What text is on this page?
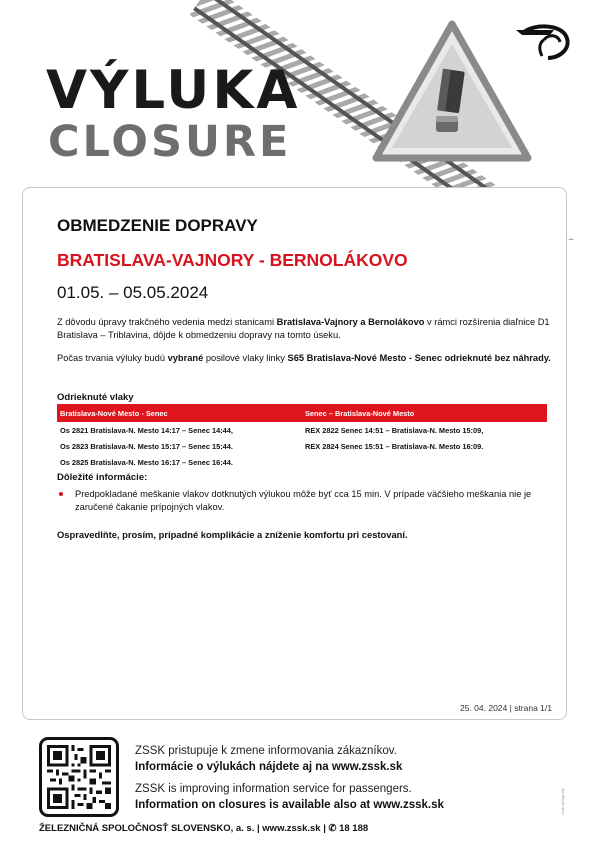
VÝLUKA
CLOSURE
OBMEDZENIE DOPRAVY
BRATISLAVA-VAJNORY - BERNOLÁKOVO

01.05. – 05.05.2024

Z dôvodu úpravy trakčného vedenia medzi stanicami Bratislava-Vajnory a Bernolákovo v rámci rozšírenia diaľnice D1 Bratislava – Triblavina, dôjde k obmedzeniu dopravy na tomto úseku.

Počas trvania výluky budú vybrané posilové vlaky linky S65 Bratislava-Nové Mesto - Senec odrieknuté bez náhrady.

Odrieknuté vlaky

Bratislava-Nové Mesto - Senec	Senec – Bratislava-Nové Mesto
Os 2821 Bratislava-N. Mesto 14:17 – Senec 14:44,	REX 2822 Senec 14:51 – Bratislava-N. Mesto 15:09,
Os 2823 Bratislava-N. Mesto 15:17 – Senec 15:44.	REX 2824 Senec 15:51 – Bratislava-N. Mesto 16:09.
Os 2825 Bratislava-N. Mesto 16:17 – Senec 16:44.	

Dôležité informácie:

Predpokladané meškanie vlakov dotknutých výlukou môže byť cca 15 min. V prípade väčšieho meškania nie je zaručené čakanie prípojných vlakov.

Ospravedlňte, prosím, prípadné komplikácie a zníženie komfortu pri cestovaní.

25. 04. 2024 | strana 1/1

ZSSK pristupuje k zmene informovania zákazníkov.

Informácie o výlukách nájdete aj na www.zssk.sk

ZSSK is improving information service for passengers.

Information on closures is available also at www.zssk.sk

ŽELEZNIČNÁ SPOLOČNOSŤ SLOVENSKO, a. s. | www.zssk.sk | ✆ 18 188

zssk.sk/signaly
